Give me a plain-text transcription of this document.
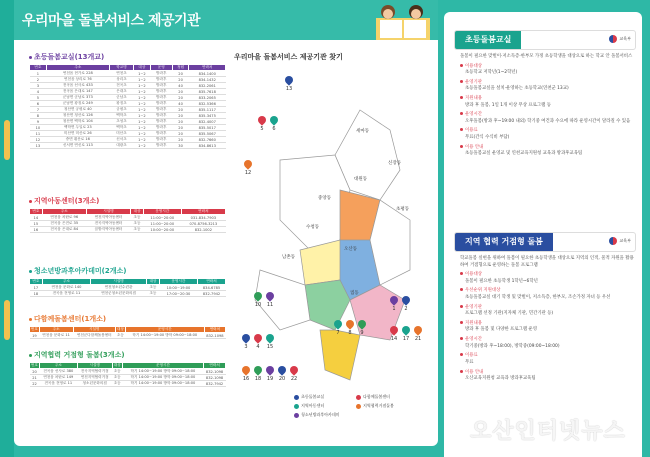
우리마을 돌봄서비스 제공기관
초등돌봄교실(13개교)
번호	주소	학교명	대상	운영	정원	연락처
1	연천읍 현가로 228	연천초	1~2	방과후	20	834-1400
2	연천읍 상리로 76	상리초	1~2	방과후	20	834-1432
3	전곡읍 선사로 433	전곡초	1~2	방과후	40	832-2061
4	전곡읍 은대로 147	은대초	1~2	방과후	20	835-7618
5	군남면 군남로 373	군남초	1~2	방과후	20	833-2065
6	군남면 왕징로 249	왕징초	1~2	방과후	40	832-5366
7	청산면 궁평로 40	궁평초	1~2	방과후	20	835-1117
8	청산면 청산로 126	백학초	1~2	방과후	20	835-3475
9	청산면 백학로 104	초성초	1~2	방과후	20	832-4007
10	백학면 두일로 23	백학초	1~2	방과후	20	835-5017
11	미산면 미산로 26	미산초	1~2	방과후	20	835-5067
12	중면 횡산로 16	신서초	1~2	방과후	20	832-7660
13	신서면 연신로 113	대광초	1~2	방과후	30	834-8613
지역아동센터(3개소)
번호	주소	시설명	대상	운영시간	연락처
14	연천읍 차탄로 96	연천지역아동센터	초등	11:00~20:00	031-834-7903
15	전곡읍 은전로 35	전곡지역아동센터	초등	11:00~20:00	070-8756-3213
16	전곡읍 은대로 84	꿈밭지역아동센터	초등	10:00~20:00	832-1002
청소년방과후아카데미(2개소)
번호	주소	시설명	대상	운영시간	연락처
17	연천읍 문화로 140	연천청소년수련관	초등	10:00~19:00	834-6785
18	전곡읍 전영로 11	연천군청소년문화의집	초등	17:00~20:30	832-7942
다함께돌봄센터(1개소)
번호	주소	시설명	대상	운영시간	연락처
19	연천읍 문화로 11	연천군다함께돌봄센터	초등	학기 14:00~19:00 방학 09:00~18:00	832-1098
지역협력 거점형 돌봄(3개소)
번호	주소	시설명	대상	운영시간	연락처
20	전곡읍 선사로 380	전곡지역협력거점	초등	학기 14:00~19:00 방학 09:00~18:00	832-1098
21	연천읍 차탄로 149	연천지역협력거점	초등	학기 14:00~19:00 방학 09:00~18:00	832-1098
22	전곡읍 전영로 11	청소년문화의집	초등	학기 14:00~19:00 방학 09:00~18:00	832-7942
우리마을 돌봄서비스 제공기관 찾기
세마동
신장동
중앙동
대원동
초평동
남촌동
수청동
오산동
궐동
13
5	6
12
10	11
3	4	15
16	18	19	20	22
7	8	9
1	2
14	17	21
초등돌봄교실	다함께돌봄센터지역아동센터	지역협력거점돌봄청소년방과후아카데미
초등돌봄교실	교육부
돌봄이 필요한 맞벌이·저소득층·한부모 가정 초등학생을 대상으로 하는 학교 안 돌봄서비스
이용대상
초등학교 저학년(1~2학년)
운영기관
초등돌봄교실을 설치·운영하는 초등학교(연천군 13교)
지원내용
방과 후 돌봄, 1일 1개 이상 무상 프로그램 등
운영시간
오후돌봄(방과 후~19:00 내외) 학기중 여건과 수요에 따라 운영시간이 달라질 수 있음
이용료
무료(간식 수식비 부담)
이용 안내
초등돌봄교실 운영교 및 연천교육지원청 교육과 방과후교육팀
지역 협력 거점형 돌봄	교육부
학교돌봄 실현을 위하여 돌봄이 필요한 초등학생을 대상으로 지역의 인적, 물적 자원을 활용하여 거점형으로 운영하는 돌봄 프로그램
이용대상
돌봄이 필요한 초등학생 1학년~6학년
우선순위 지원대상
초등돌봄교실 대기 학생 및 맞벌이, 저소득층, 한부모, 조손가정 자녀 등 우선
운영기관
프로그램 선정 기관(지자체 기관, 민간기관 등)
지원내용
방과 후 돌봄 및 다양한 프로그램 운영
운영시간
학기중(방과 후~18:00), 방학중(09:00~18:00)
이용료
무료
이용 안내
오산교육지원청 교육과 방과후교육팀
오산인터넷뉴스
